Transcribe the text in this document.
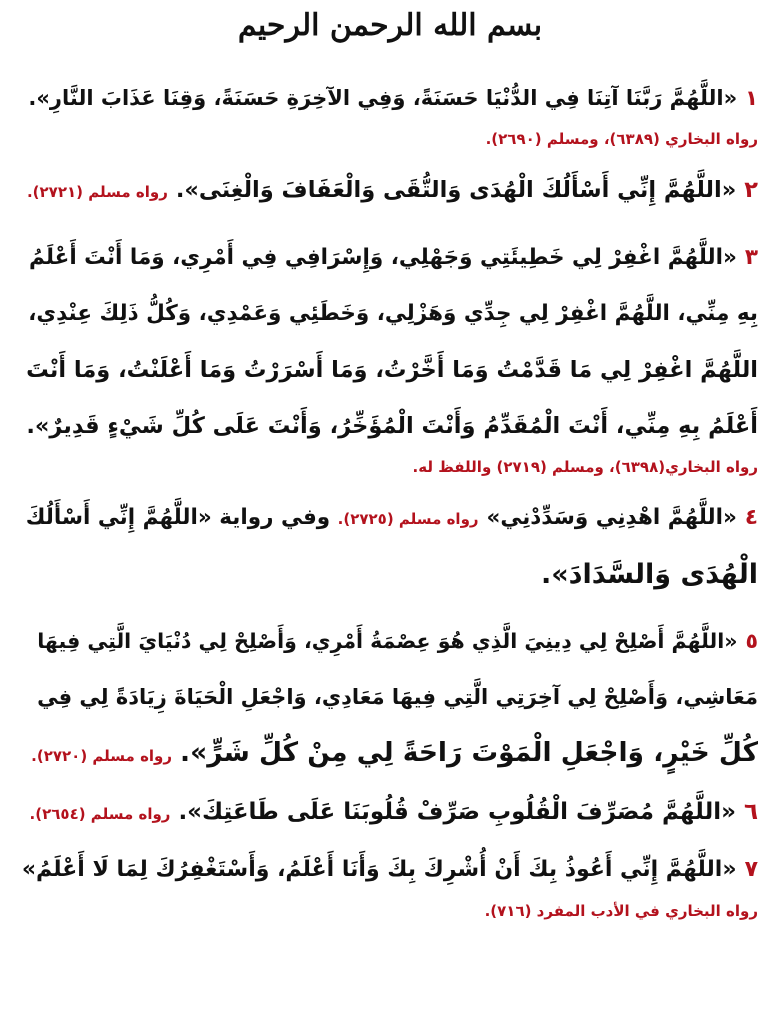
بسم الله الرحمن الرحيم
١«اللَّهُمَّ رَبَّنَا آتِنَا فِي الدُّنْيَا حَسَنَةً، وَفِي الآخِرَةِ حَسَنَةً، وَقِنَا عَذَابَ النَّارِ».
رواه البخاري (٦٣٨٩)، ومسلم (٢٦٩٠).
٢«اللَّهُمَّ إِنِّي أَسْأَلُكَ الْهُدَى وَالتُّقَى وَالْعَفَافَ وَالْغِنَى».رواه مسلم (٢٧٢١).
٣«اللَّهُمَّ اغْفِرْ لِي خَطِيئَتِي وَجَهْلِي، وَإِسْرَافِي فِي أَمْرِي، وَمَا أَنْتَ أَعْلَمُ
بِهِ مِنِّي، اللَّهُمَّ اغْفِرْ لِي جِدِّي وَهَزْلِي، وَخَطَئِي وَعَمْدِي، وَكُلُّ ذَلِكَ عِنْدِي،
اللَّهُمَّ اغْفِرْ لِي مَا قَدَّمْتُ وَمَا أَخَّرْتُ، وَمَا أَسْرَرْتُ وَمَا أَعْلَنْتُ، وَمَا أَنْتَ
أَعْلَمُ بِهِ مِنِّي، أَنْتَ الْمُقَدِّمُ وَأَنْتَ الْمُؤَخِّرُ، وَأَنْتَ عَلَى كُلِّ شَيْءٍ قَدِيرٌ».
رواه البخاري(٦٣٩٨)، ومسلم (٢٧١٩) واللفظ له.
٤«اللَّهُمَّ اهْدِنِي وَسَدِّدْنِي»رواه مسلم (٢٧٢٥). وفي رواية «اللَّهُمَّ إِنِّي أَسْأَلُكَ
الْهُدَى وَالسَّدَادَ».
٥«اللَّهُمَّ أَصْلِحْ لِي دِينِيَ الَّذِي هُوَ عِصْمَةُ أَمْرِي، وَأَصْلِحْ لِي دُنْيَايَ الَّتِي فِيهَا
مَعَاشِي، وَأَصْلِحْ لِي آخِرَتِي الَّتِي فِيهَا مَعَادِي، وَاجْعَلِ الْحَيَاةَ زِيَادَةً لِي فِي
كُلِّ خَيْرٍ، وَاجْعَلِ الْمَوْتَ رَاحَةً لِي مِنْ كُلِّ شَرٍّ».رواه مسلم (٢٧٢٠).
٦«اللَّهُمَّ مُصَرِّفَ الْقُلُوبِ صَرِّفْ قُلُوبَنَا عَلَى طَاعَتِكَ».رواه مسلم (٢٦٥٤).
٧«اللَّهُمَّ إِنِّي أَعُوذُ بِكَ أَنْ أُشْرِكَ بِكَ وَأَنَا أَعْلَمُ، وَأَسْتَغْفِرُكَ لِمَا لَا أَعْلَمُ»
رواه البخاري في الأدب المفرد (٧١٦).
